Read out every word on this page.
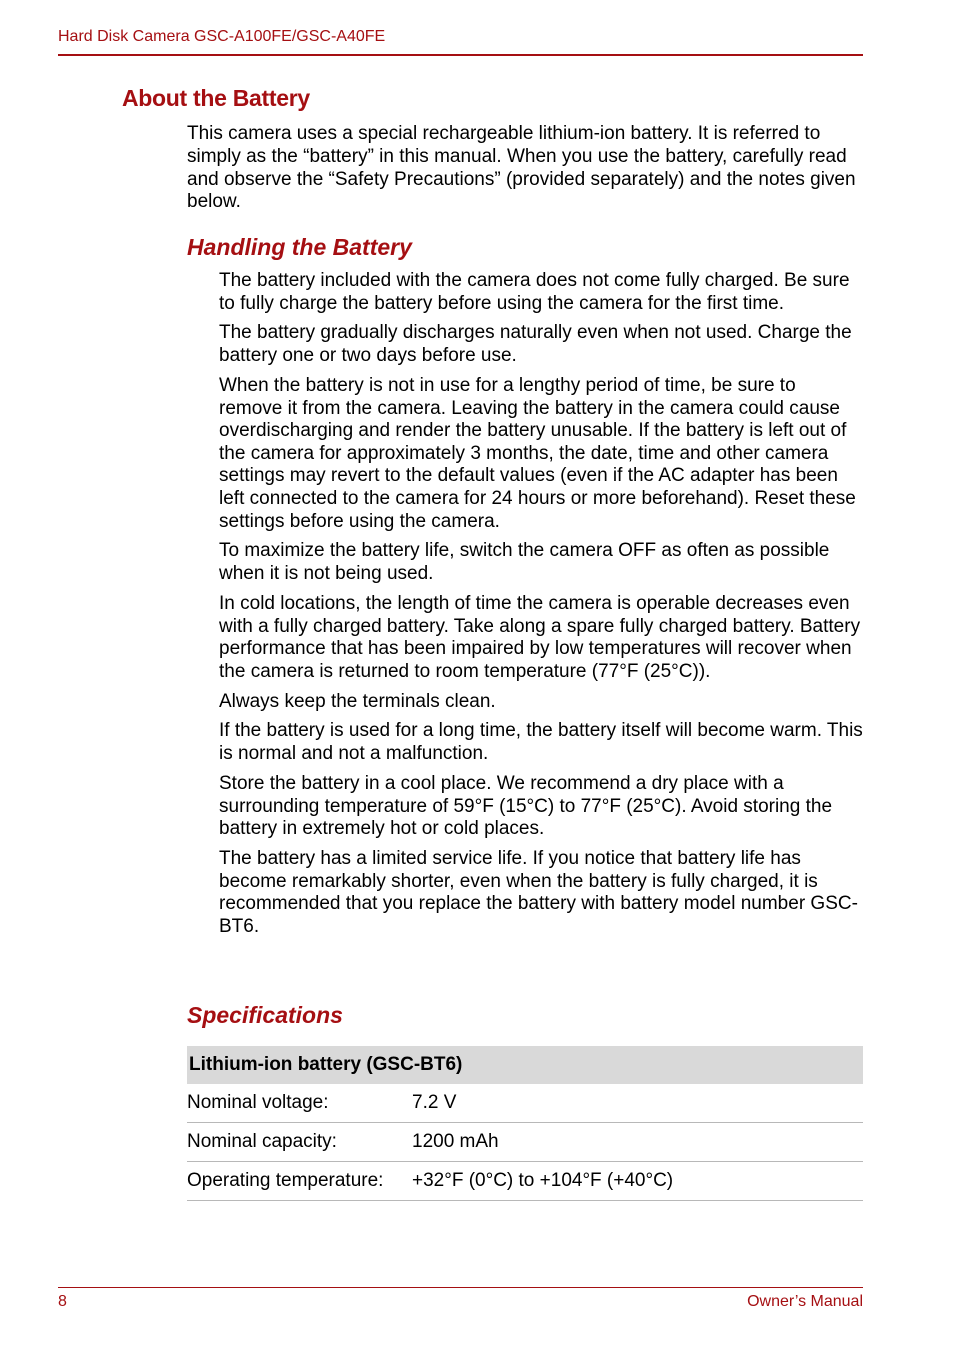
Hard Disk Camera GSC-A100FE/GSC-A40FE
About the Battery

This camera uses a special rechargeable lithium-ion battery. It is referred to simply as the “battery” in this manual. When you use the battery, carefully read and observe the “Safety Precautions” (provided separately) and the notes given below.

Handling the Battery
The battery included with the camera does not come fully charged. Be sure to fully charge the battery before using the camera for the first time.
The battery gradually discharges naturally even when not used. Charge the battery one or two days before use.
When the battery is not in use for a lengthy period of time, be sure to remove it from the camera. Leaving the battery in the camera could cause overdischarging and render the battery unusable. If the battery is left out of the camera for approximately 3 months, the date, time and other camera settings may revert to the default values (even if the AC adapter has been left connected to the camera for 24 hours or more beforehand). Reset these settings before using the camera.
To maximize the battery life, switch the camera OFF as often as possible when it is not being used.
In cold locations, the length of time the camera is operable decreases even with a fully charged battery. Take along a spare fully charged battery. Battery performance that has been impaired by low temperatures will recover when the camera is returned to room temperature (77°F (25°C)).
Always keep the terminals clean.
If the battery is used for a long time, the battery itself will become warm. This is normal and not a malfunction.
Store the battery in a cool place. We recommend a dry place with a surrounding temperature of 59°F (15°C) to 77°F (25°C). Avoid storing the battery in extremely hot or cold places.
The battery has a limited service life. If you notice that battery life has become remarkably shorter, even when the battery is fully charged, it is recommended that you replace the battery with battery model number GSC-BT6.
Specifications
Lithium-ion battery (GSC-BT6)	
Nominal voltage:	7.2 V
Nominal capacity:	1200 mAh
Operating temperature:	+32°F (0°C) to +104°F (+40°C)
8	Owner’s Manual
